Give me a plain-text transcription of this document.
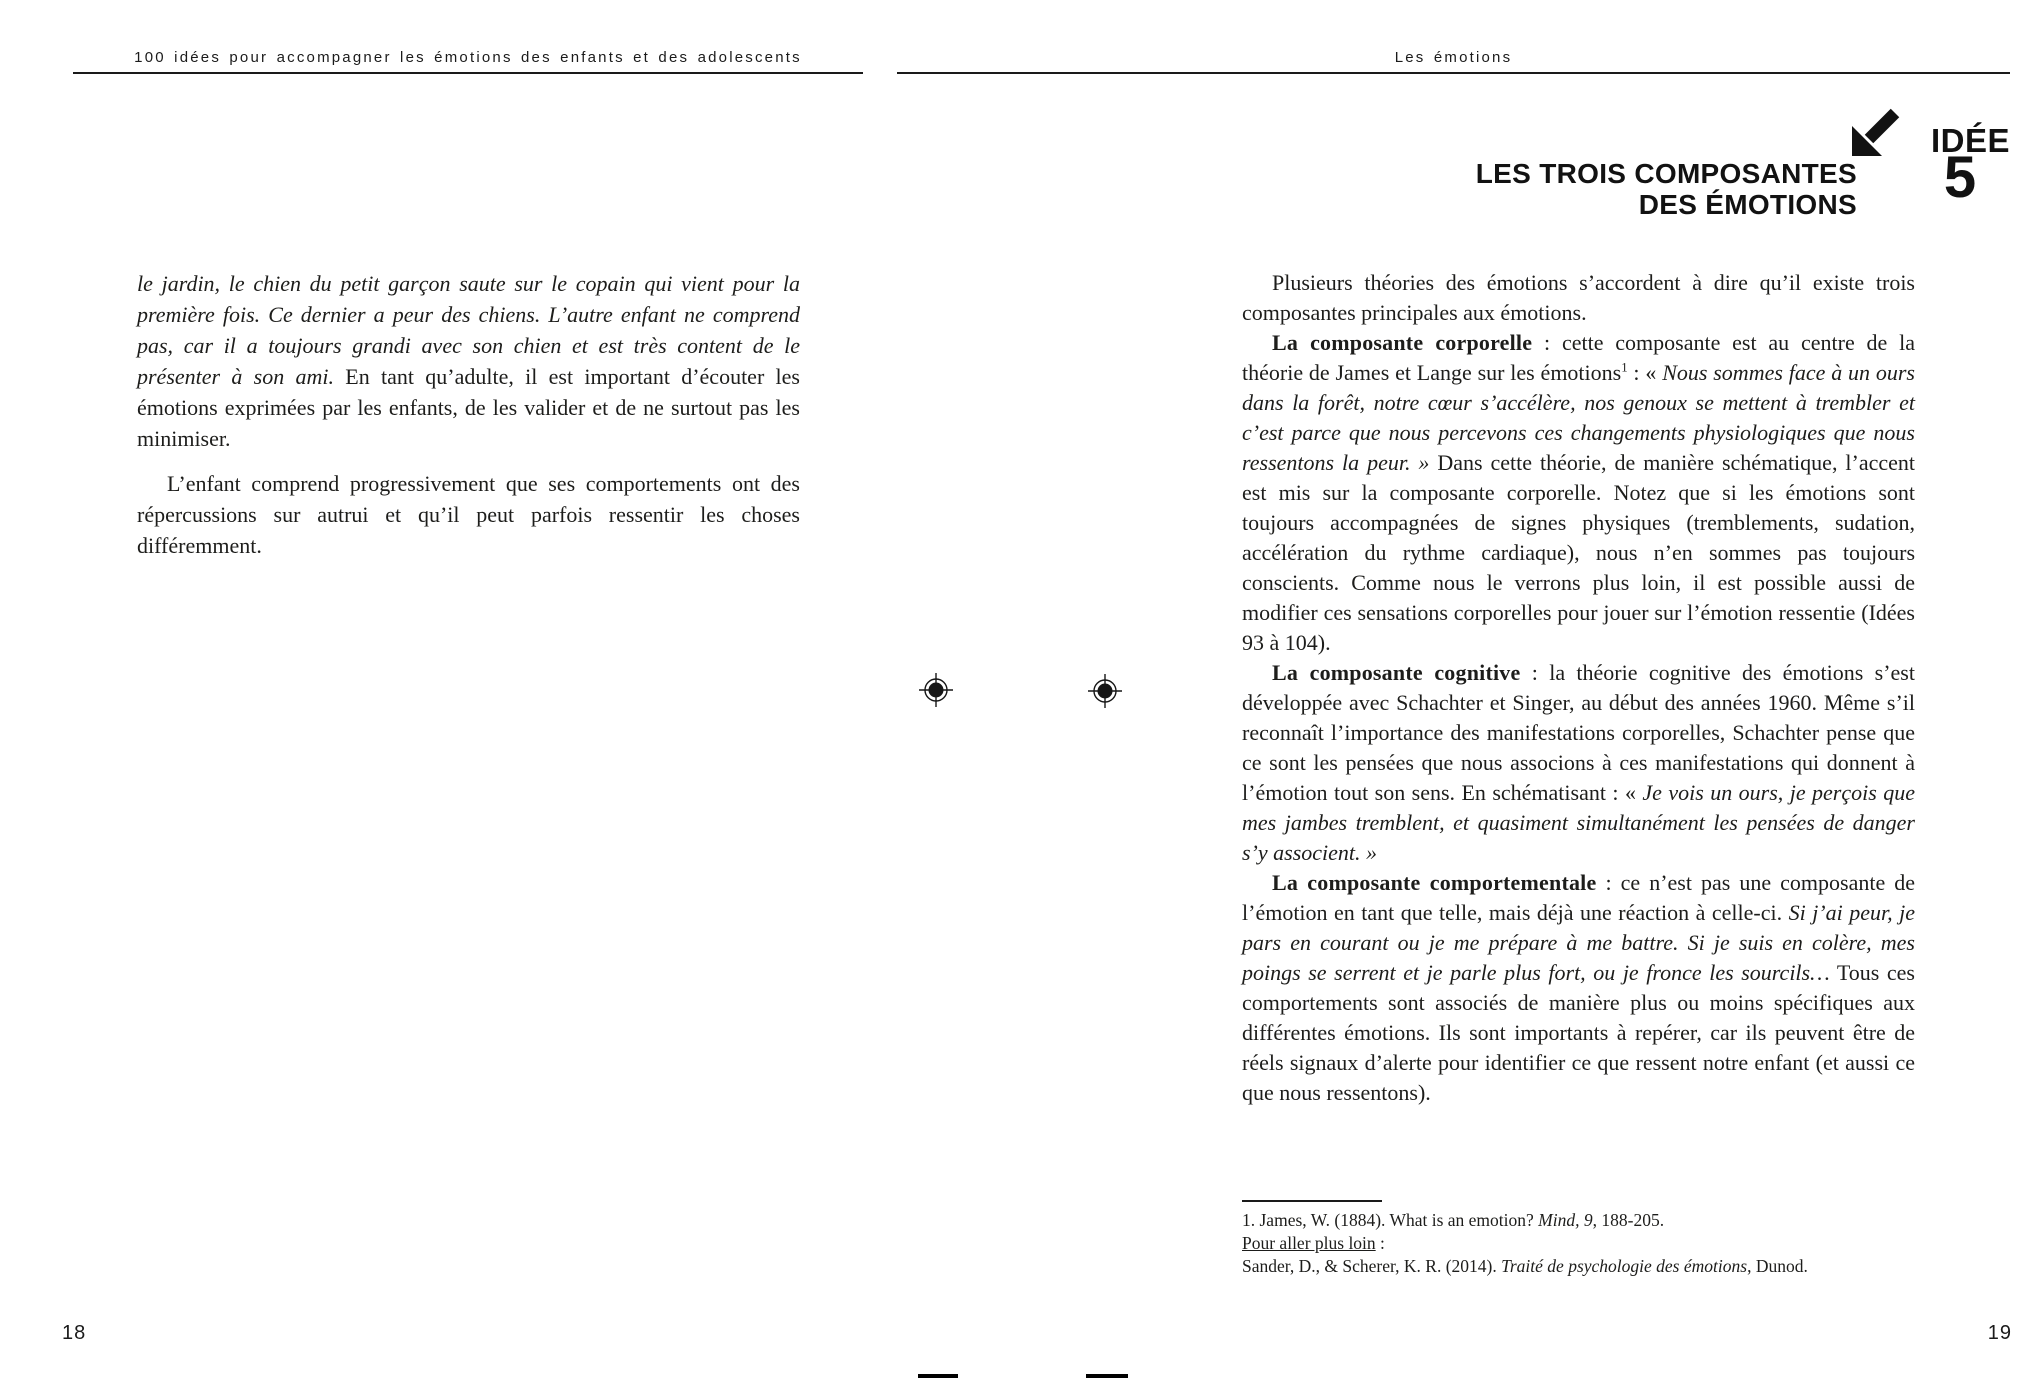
100 idées pour accompagner les émotions des enfants et des adolescents	Les émotions

le jardin, le chien du petit garçon saute sur le copain qui vient pour la première fois. Ce dernier a peur des chiens. L’autre enfant ne comprend pas, car il a toujours grandi avec son chien et est très content de le présenter à son ami. En tant qu’adulte, il est important d’écouter les émotions exprimées par les enfants, de les valider et de ne surtout pas les minimiser.

L’enfant comprend progressivement que ses comportements ont des répercussions sur autrui et qu’il peut parfois ressentir les choses différemment.

IDÉE
5
LES TROIS COMPOSANTES
DES ÉMOTIONS

Plusieurs théories des émotions s’accordent à dire qu’il existe trois composantes principales aux émotions.

La composante corporelle : cette composante est au centre de la théorie de James et Lange sur les émotions$^1$ : « Nous sommes face à un ours dans la forêt, notre cœur s’accélère, nos genoux se mettent à trembler et c’est parce que nous percevons ces changements physiologiques que nous ressentons la peur. » Dans cette théorie, de manière schématique, l’accent est mis sur la composante corporelle. Notez que si les émotions sont toujours accompagnées de signes physiques (tremblements, sudation, accélération du rythme cardiaque), nous n’en sommes pas toujours conscients. Comme nous le verrons plus loin, il est possible aussi de modifier ces sensations corporelles pour jouer sur l’émotion ressentie (Idées 93 à 104).

La composante cognitive : la théorie cognitive des émotions s’est développée avec Schachter et Singer, au début des années 1960. Même s’il reconnaît l’importance des manifestations corporelles, Schachter pense que ce sont les pensées que nous associons à ces manifestations qui donnent à l’émotion tout son sens. En schématisant : « Je vois un ours, je perçois que mes jambes tremblent, et quasiment simultanément les pensées de danger s’y associent. »

La composante comportementale : ce n’est pas une composante de l’émotion en tant que telle, mais déjà une réaction à celle-ci. Si j’ai peur, je pars en courant ou je me prépare à me battre. Si je suis en colère, mes poings se serrent et je parle plus fort, ou je fronce les sourcils… Tous ces comportements sont associés de manière plus ou moins spécifiques aux différentes émotions. Ils sont importants à repérer, car ils peuvent être de réels signaux d’alerte pour identifier ce que ressent notre enfant (et aussi ce que nous ressentons).

1. James, W. (1884). What is an emotion? Mind, 9, 188-205.

Pour aller plus loin :

Sander, D., & Scherer, K. R. (2014). Traité de psychologie des émotions, Dunod.

18	19
